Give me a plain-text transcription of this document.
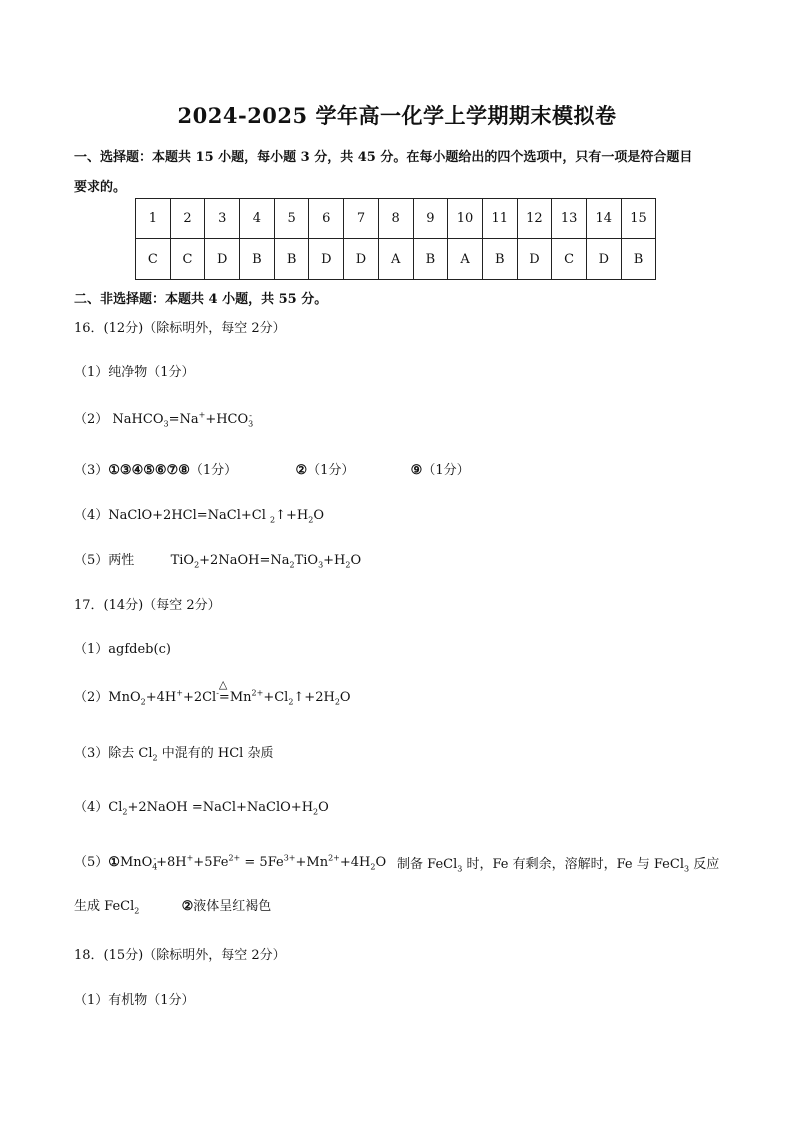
2024-2025 学年高一化学上学期期末模拟卷
一、选择题：本题共 15 小题，每小题 3 分，共 45 分。在每小题给出的四个选项中，只有一项是符合题目
要求的。
1	2	3	4	5	6	7	8	9	10	11	12	13	14	15
C	C	D	B	B	D	D	A	B	A	B	D	C	D	B
二、非选择题：本题共 4 小题，共 55 分。
16．(12分)（除标明外，每空 2分）
（1）纯净物（1分）
（2） $NaHCO_3=Na^++HCO_3^-$
（3）①③④⑤⑥⑦⑧（1分）	②（1分）	⑨（1分）
（4）NaClO+2HCl=NaCl+Cl $_2↑+H_2O$
（5）两性	$TiO_2+2NaOH=Na_2TiO_3+H_2O$
17．(14分)（每空 2分）
（1）agfdeb(c)
（2）MnO$_2$+4H++2Cl-
△
$=Mn^{2+}+Cl_2↑+2H_2O$
（3）除去 $Cl_2$ 中混有的 HCl 杂质
$(4)Cl_2+2NaOH$ $=NaCl+NaClO+H_2O$
$(5)①MnO_4^-+8H^++5Fe^{2+} = 5Fe^{3+}+Mn^{2+}+4H_2O$ 制备 FeCl$_3$ 时，Fe 有剩余，溶解时，Fe 与 FeCl$_3$ 反应
生成 FeCl$_2$	②液体呈红褐色
18．(15分)（除标明外，每空 2分）
（1）有机物（1分）
